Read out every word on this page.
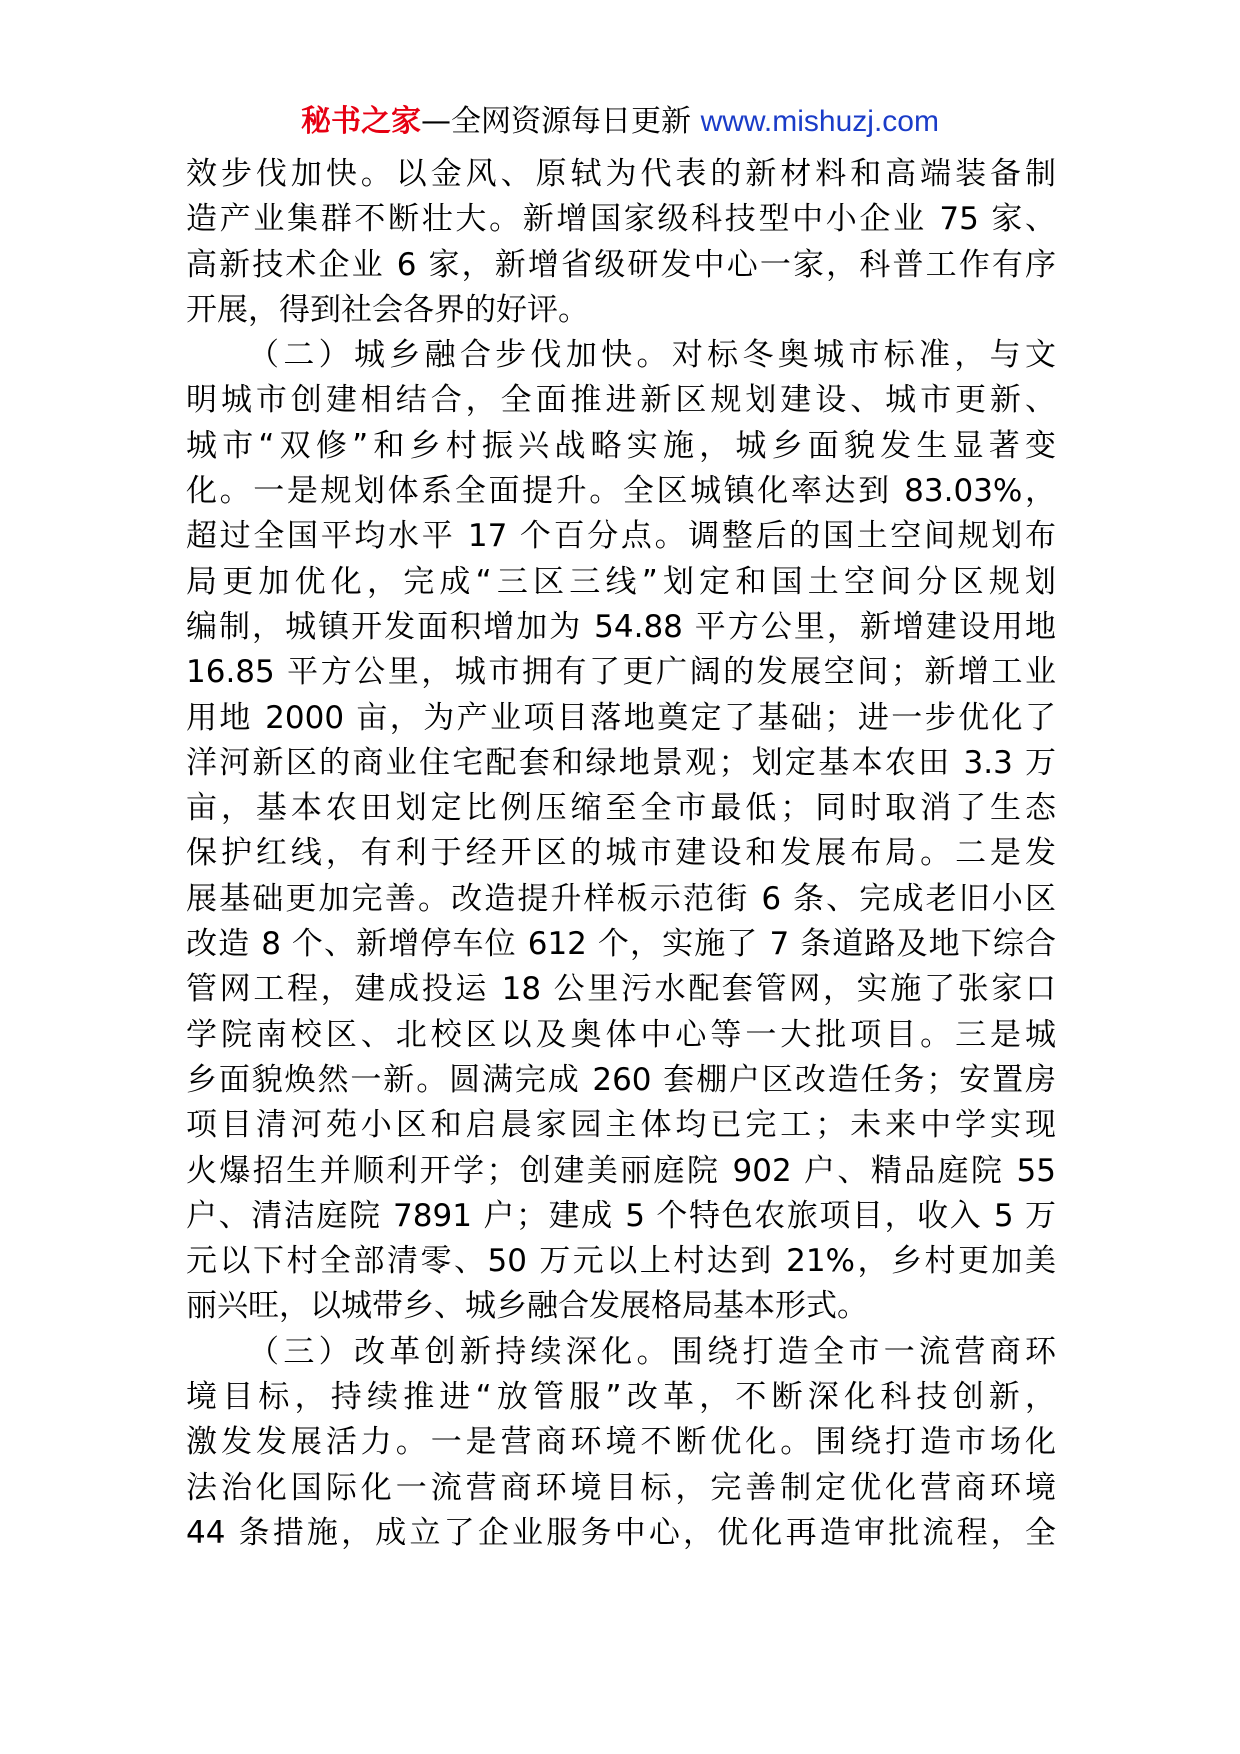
秘书之家—全网资源每日更新 www.mishuzj.com
效步伐加快。以金风、原轼为代表的新材料和高端装备制
造产业集群不断壮大。新增国家级科技型中小企业 75 家、
高新技术企业 6 家，新增省级研发中心一家，科普工作有序
开展，得到社会各界的好评。
（二）城乡融合步伐加快。对标冬奥城市标准，与文
明城市创建相结合，全面推进新区规划建设、城市更新、
城市“双修”和乡村振兴战略实施，城乡面貌发生显著变
化。一是规划体系全面提升。全区城镇化率达到 83.03%，
超过全国平均水平 17 个百分点。调整后的国土空间规划布
局更加优化，完成“三区三线”划定和国土空间分区规划
编制，城镇开发面积增加为 54.88 平方公里，新增建设用地
16.85 平方公里，城市拥有了更广阔的发展空间；新增工业
用地 2000 亩，为产业项目落地奠定了基础；进一步优化了
洋河新区的商业住宅配套和绿地景观；划定基本农田 3.3 万
亩，基本农田划定比例压缩至全市最低；同时取消了生态
保护红线，有利于经开区的城市建设和发展布局。二是发
展基础更加完善。改造提升样板示范街 6 条、完成老旧小区
改造 8 个、新增停车位 612 个，实施了 7 条道路及地下综合
管网工程，建成投运 18 公里污水配套管网，实施了张家口
学院南校区、北校区以及奥体中心等一大批项目。三是城
乡面貌焕然一新。圆满完成 260 套棚户区改造任务；安置房
项目清河苑小区和启晨家园主体均已完工；未来中学实现
火爆招生并顺利开学；创建美丽庭院 902 户、精品庭院 55
户、清洁庭院 7891 户；建成 5 个特色农旅项目，收入 5 万
元以下村全部清零、50 万元以上村达到 21%，乡村更加美
丽兴旺，以城带乡、城乡融合发展格局基本形式。
（三）改革创新持续深化。围绕打造全市一流营商环
境目标，持续推进“放管服”改革，不断深化科技创新，
激发发展活力。一是营商环境不断优化。围绕打造市场化
法治化国际化一流营商环境目标，完善制定优化营商环境
44 条措施，成立了企业服务中心，优化再造审批流程，全
